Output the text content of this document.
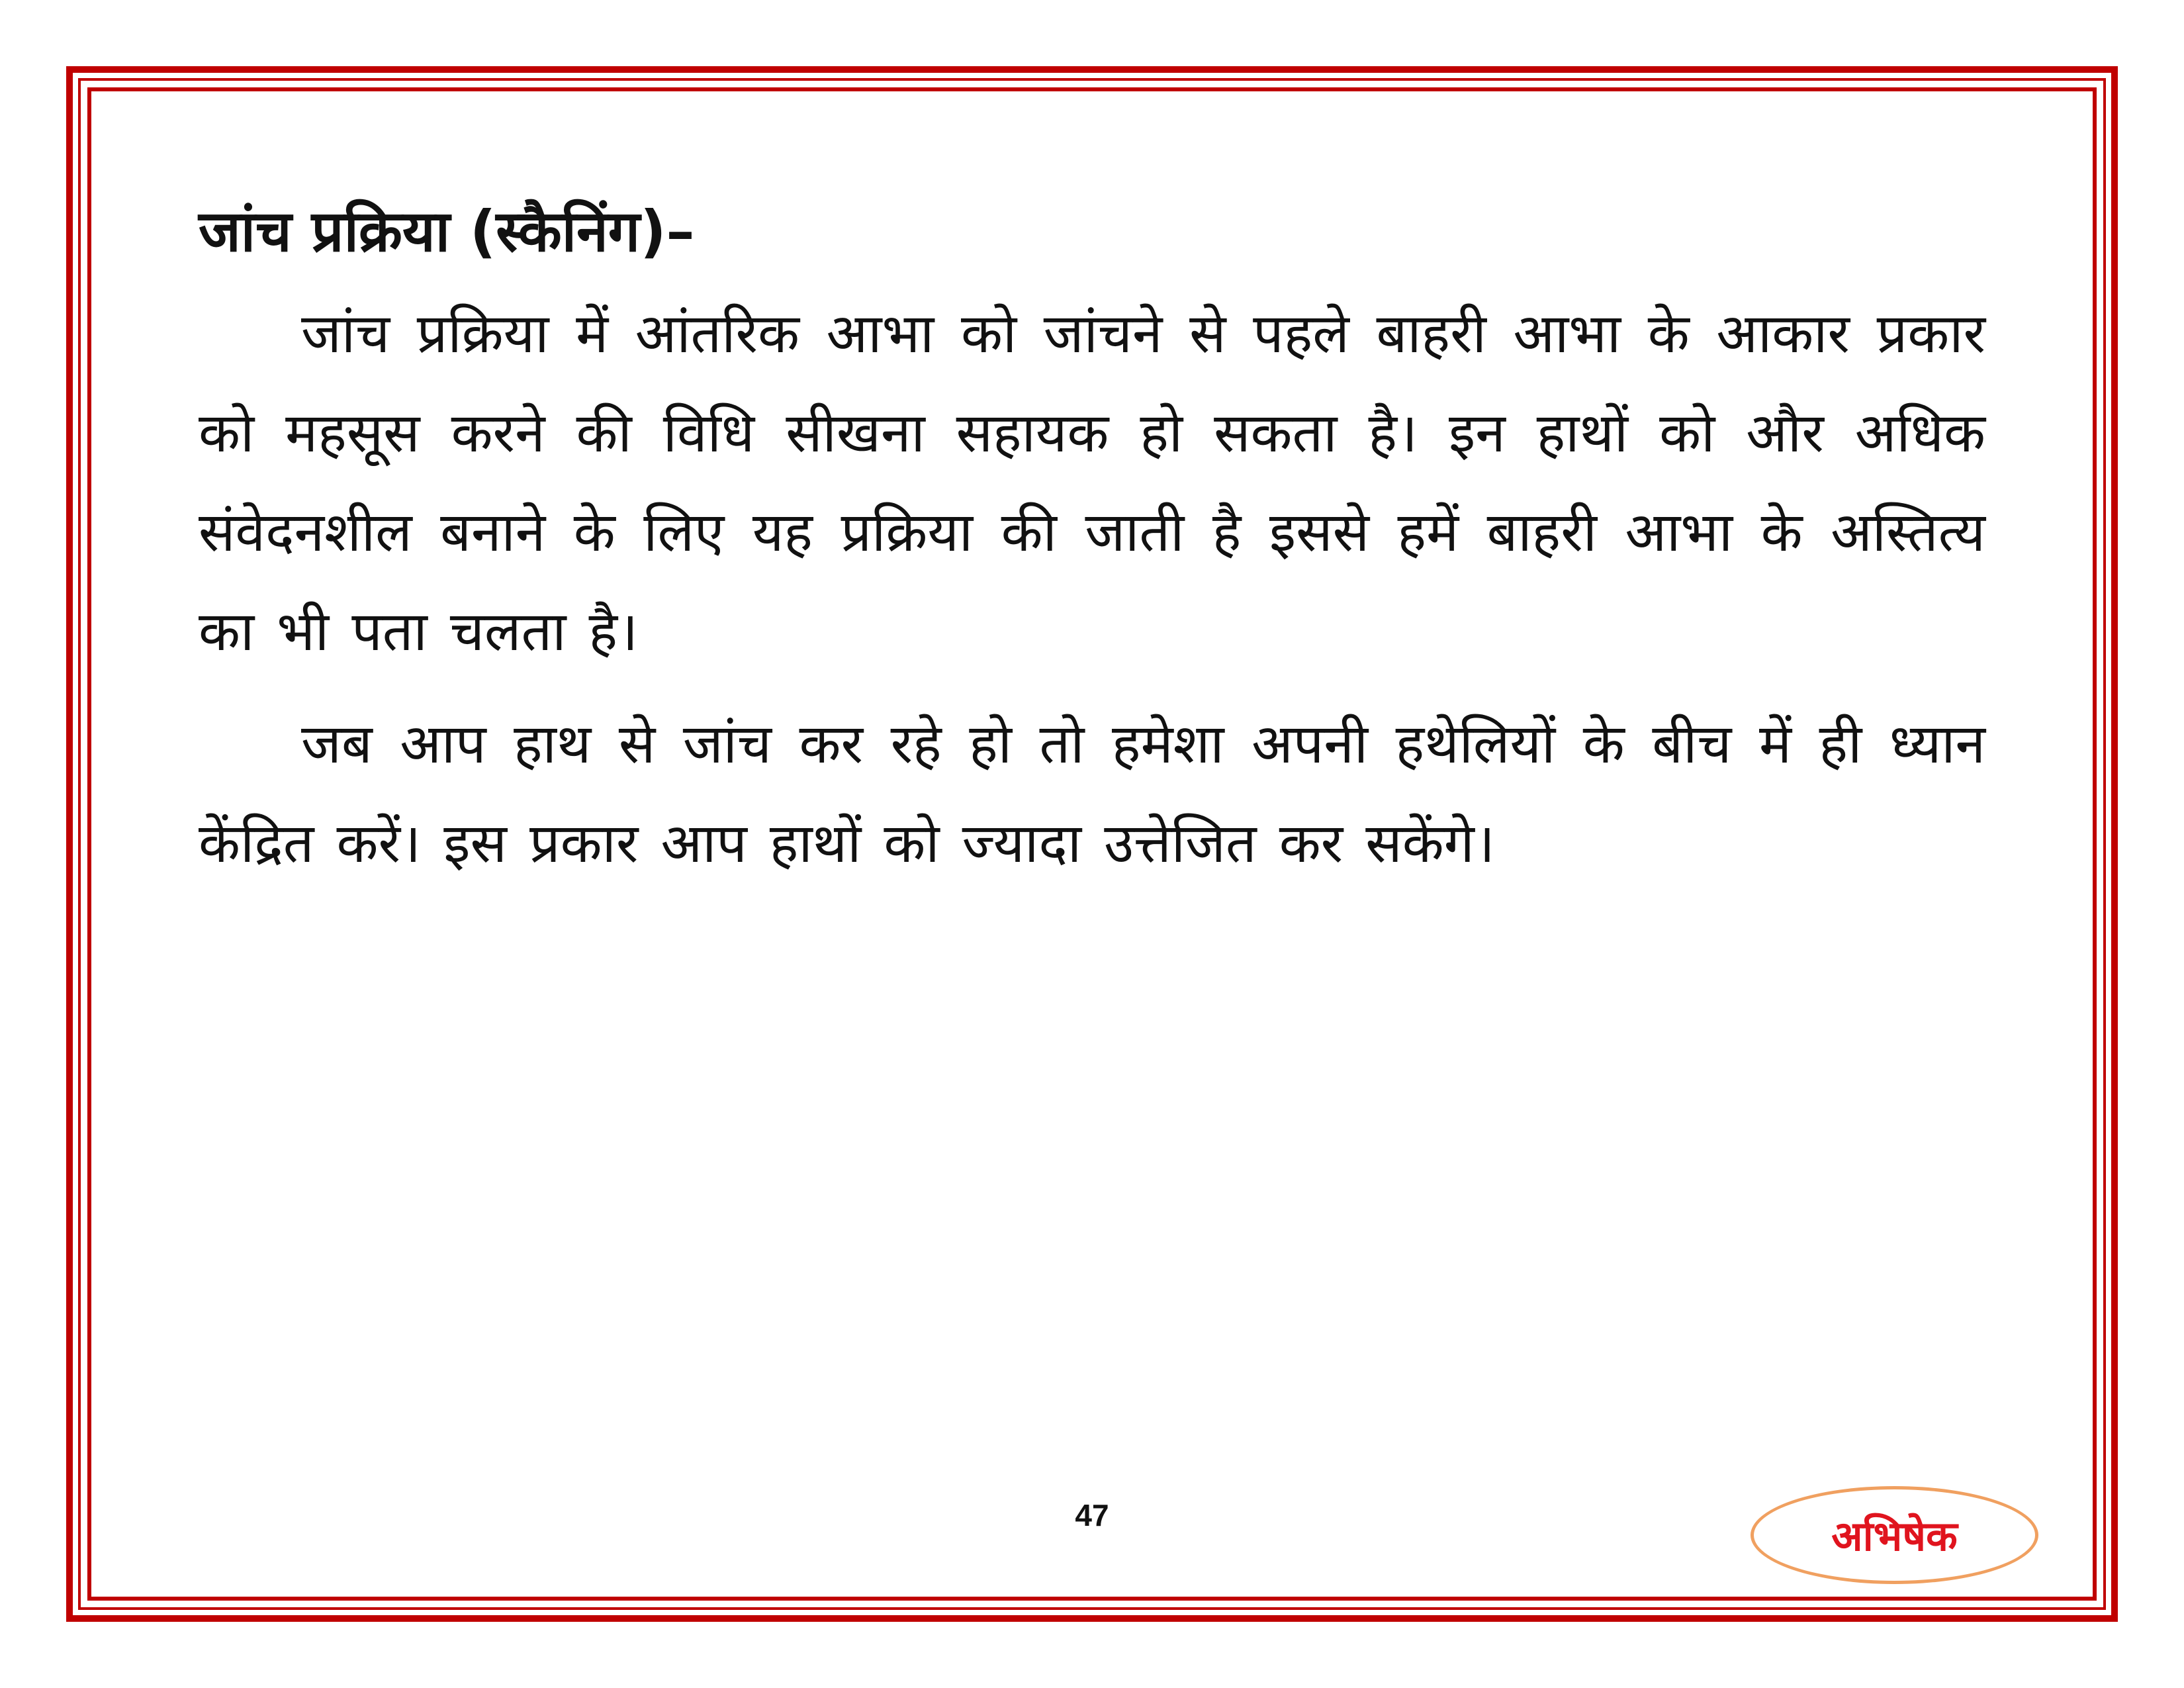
जांच प्रक्रिया (स्कैनिंग)–

जांच प्रक्रिया में आंतरिक आभा को जांचने से पहले बाहरी आभा के आकार प्रकार को महसूस करने की विधि सीखना सहायक हो सकता है। इन हाथों को और अधिक संवेदनशील बनाने के लिए यह प्रक्रिया की जाती है इससे हमें बाहरी आभा के अस्तित्य का भी पता चलता है।

जब आप हाथ से जांच कर रहे हो तो हमेशा अपनी हथेलियों के बीच में ही ध्यान केंद्रित करें। इस प्रकार आप हाथों को ज्यादा उत्तेजित कर सकेंगे।

47	अभिषेक
